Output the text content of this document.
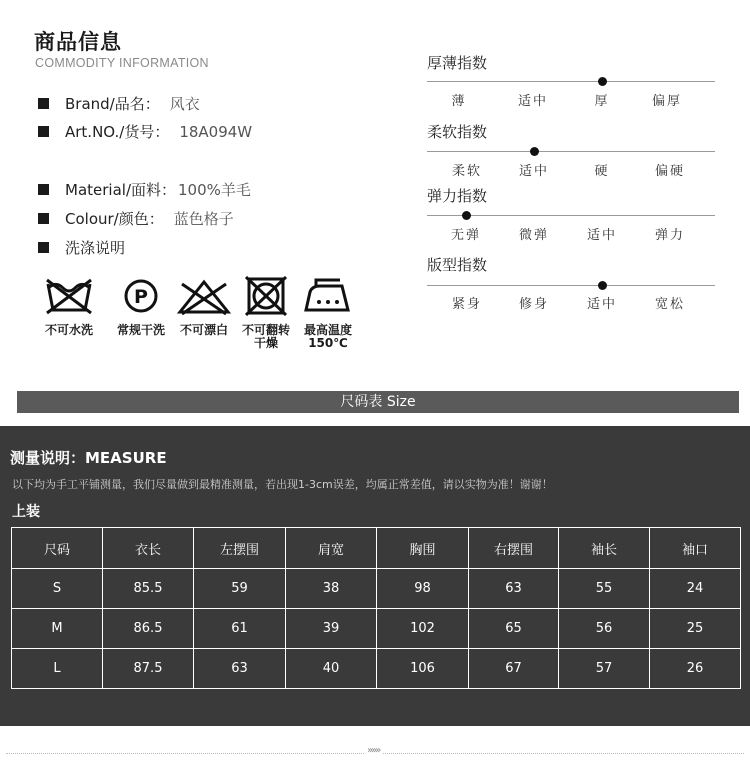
商品信息
COMMODITY INFORMATION
Brand/品名： 风衣
Art.NO./货号： 18A094W
Material/面料： 100%羊毛
Colour/颜色： 蓝色格子
洗涤说明
不可水洗
P
常规干洗	不可漂白	不可翻转
干燥
最高温度
150℃
厚薄指数
薄	适中	厚	偏厚
柔软指数
柔软	适中	硬	偏硬
弹力指数
无弹	微弹	适中	弹力
版型指数
紧身	修身	适中	宽松
尺码表 Size
测量说明：MEASURE
以下均为手工平铺测量，我们尽量做到最精准测量，若出现1-3cm误差，均属正常差值，请以实物为准！谢谢！
上装
尺码	衣长	左摆围	肩宽	胸围	右摆围	袖长	袖口
S	85.5	59	38	98	63	55	24
M	86.5	61	39	102	65	56	25
L	87.5	63	40	106	67	57	26
»»»
